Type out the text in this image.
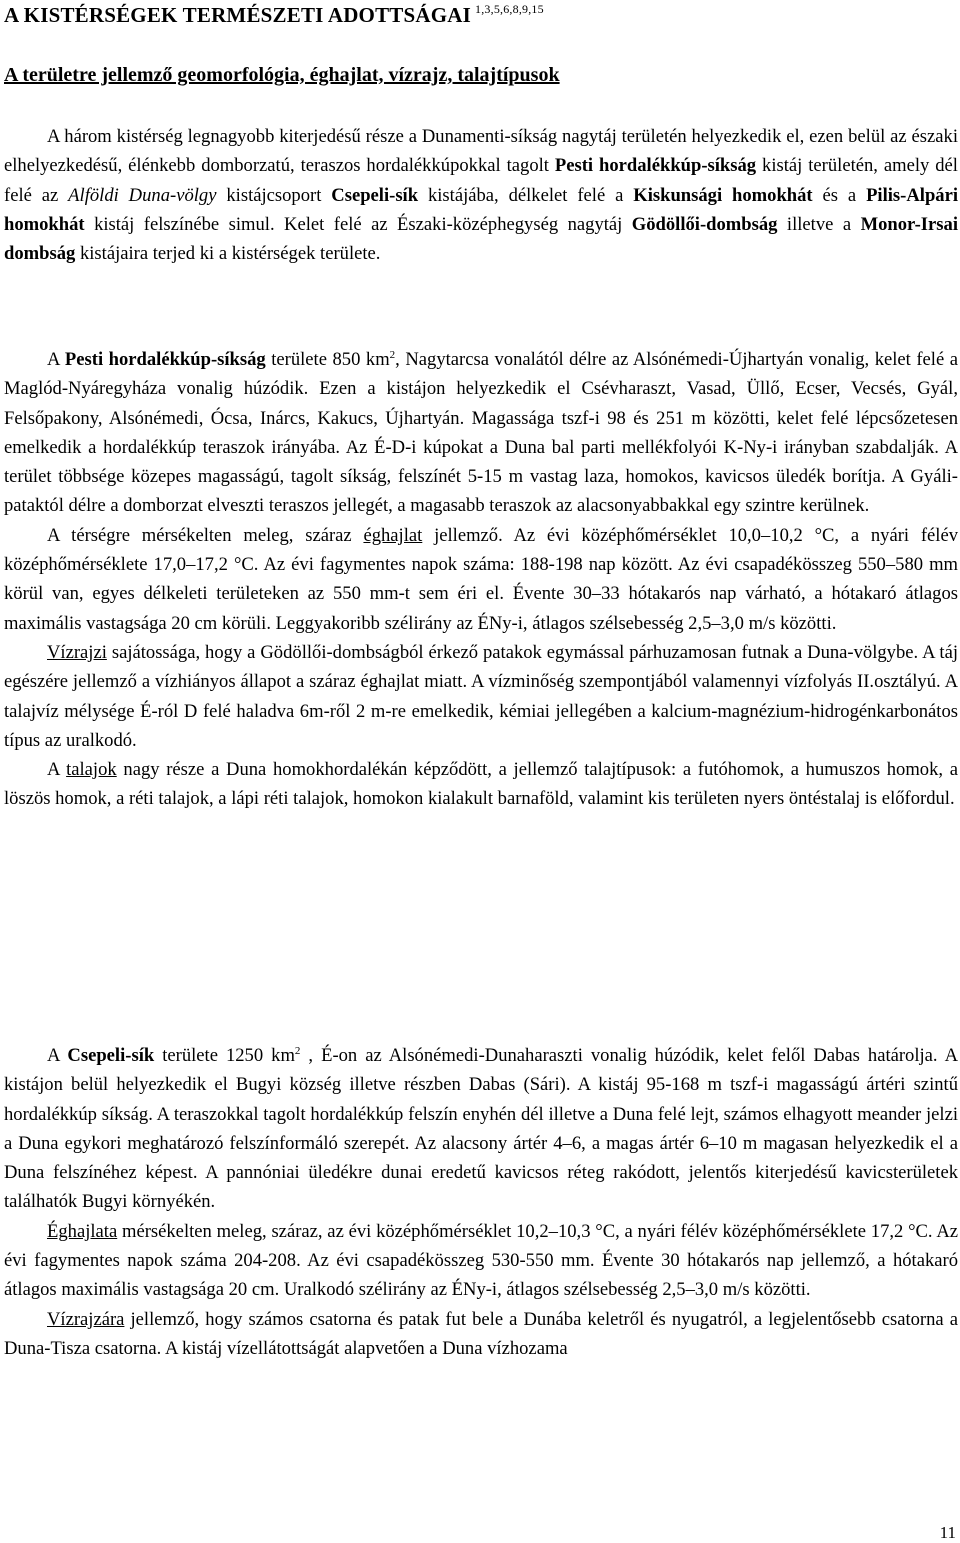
A KISTÉRSÉGEK TERMÉSZETI ADOTTSÁGAI $^{1,3,5,6,8,9,15}$
A területre jellemző geomorfológia, éghajlat, vízrajz, talajtípusok

A három kistérség legnagyobb kiterjedésű része a Dunamenti-síkság nagytáj területén helyezkedik el, ezen belül az északi elhelyezkedésű, élénkebb domborzatú, teraszos hordalékkúpokkal tagolt Pesti hordalékkúp-síkság kistáj területén, amely dél felé az Alföldi Duna-völgy kistájcsoport Csepeli-sík kistájába, délkelet felé a Kiskunsági homokhát és a Pilis-Alpári homokhát kistáj felszínébe simul. Kelet felé az Északi-középhegység nagytáj Gödöllői-dombság illetve a Monor-Irsai dombság kistájaira terjed ki a kistérségek területe.

A Pesti hordalékkúp-síkság területe 850 $km^2$, Nagytarcsa vonalától délre az Alsónémedi-Újhartyán vonalig, kelet felé a Maglód-Nyáregyháza vonalig húzódik. Ezen a kistájon helyezkedik el Csévharaszt, Vasad, Üllő, Ecser, Vecsés, Gyál, Felsőpakony, Alsónémedi, Ócsa, Inárcs, Kakucs, Újhartyán. Magassága tszf-i 98 és 251 m közötti, kelet felé lépcsőzetesen emelkedik a hordalékkúp teraszok irányába. Az É-D-i kúpokat a Duna bal parti mellékfolyói K-Ny-i irányban szabdalják. A terület többsége közepes magasságú, tagolt síkság, felszínét 5-15 m vastag laza, homokos, kavicsos üledék borítja. A Gyáli-pataktól délre a domborzat elveszti teraszos jellegét, a magasabb teraszok az alacsonyabbakkal egy szintre kerülnek.

A térségre mérsékelten meleg, száraz éghajlat jellemző. Az évi középhőmérséklet 10,0–10,2 °C, a nyári félév középhőmérséklete 17,0–17,2 °C. Az évi fagymentes napok száma: 188-198 nap között. Az évi csapadékösszeg 550–580 mm körül van, egyes délkeleti területeken az 550 mm-t sem éri el. Évente 30–33 hótakarós nap várható, a hótakaró átlagos maximális vastagsága 20 cm körüli. Leggyakoribb szélirány az ÉNy-i, átlagos szélsebesség 2,5–3,0 m/s közötti.

Vízrajzi sajátossága, hogy a Gödöllői-dombságból érkező patakok egymással párhuzamosan futnak a Duna-völgybe. A táj egészére jellemző a vízhiányos állapot a száraz éghajlat miatt. A vízminőség szempontjából valamennyi vízfolyás II.osztályú. A talajvíz mélysége É-ról D felé haladva 6m-ről 2 m-re emelkedik, kémiai jellegében a kalcium-magnézium-hidrogénkarbonátos típus az uralkodó.

A talajok nagy része a Duna homokhordalékán képződött, a jellemző talajtípusok: a futóhomok, a humuszos homok, a löszös homok, a réti talajok, a lápi réti talajok, homokon kialakult barnaföld, valamint kis területen nyers öntéstalaj is előfordul.

A Csepeli-sík területe 1250 $km^2$ , É-on az Alsónémedi-Dunaharaszti vonalig húzódik, kelet felől Dabas határolja. A kistájon belül helyezkedik el Bugyi község illetve részben Dabas (Sári). A kistáj 95-168 m tszf-i magasságú ártéri szintű hordalékkúp síkság. A teraszokkal tagolt hordalékkúp felszín enyhén dél illetve a Duna felé lejt, számos elhagyott meander jelzi a Duna egykori meghatározó felszínformáló szerepét. Az alacsony ártér 4–6, a magas ártér 6–10 m magasan helyezkedik el a Duna felszínéhez képest. A pannóniai üledékre dunai eredetű kavicsos réteg rakódott, jelentős kiterjedésű kavicsterületek találhatók Bugyi környékén.

Éghajlata mérsékelten meleg, száraz, az évi középhőmérséklet 10,2–10,3 °C, a nyári félév középhőmérséklete 17,2 °C. Az évi fagymentes napok száma 204-208. Az évi csapadékösszeg 530-550 mm. Évente 30 hótakarós nap jellemző, a hótakaró átlagos maximális vastagsága 20 cm. Uralkodó szélirány az ÉNy-i, átlagos szélsebesség 2,5–3,0 m/s közötti.

Vízrajzára jellemző, hogy számos csatorna és patak fut bele a Dunába keletről és nyugatról, a legjelentősebb csatorna a Duna-Tisza csatorna. A kistáj vízellátottságát alapvetően a Duna vízhozama

11
